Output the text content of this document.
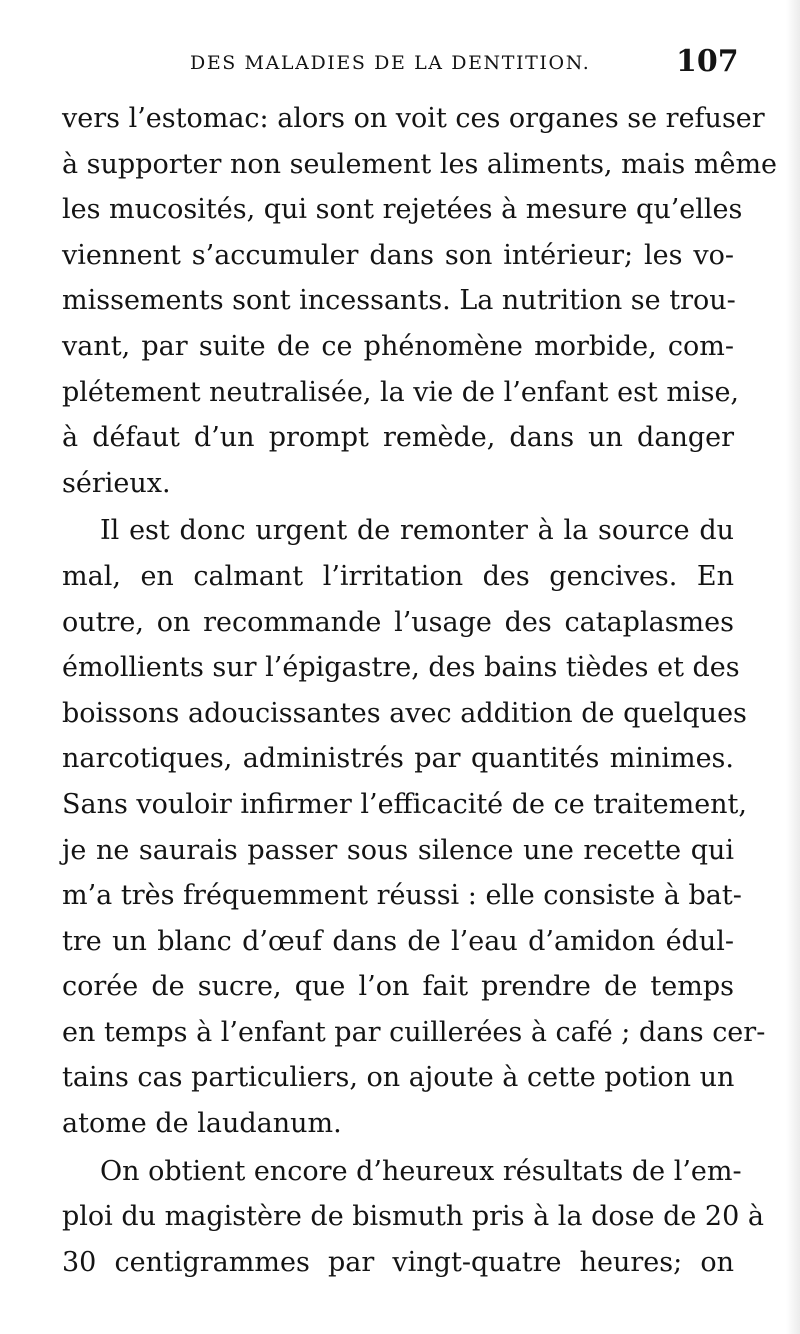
DES MALADIES DE LA DENTITION.	107
vers l’estomac: alors on voit ces organes se refuser
à supporter non seulement les aliments, mais même
les mucosités, qui sont rejetées à mesure qu’elles
viennent s’accumuler dans son intérieur; les vo-
missements sont incessants. La nutrition se trou-
vant, par suite de ce phénomène morbide, com-
plétement neutralisée, la vie de l’enfant est mise,
à défaut d’un prompt remède, dans un danger
sérieux.
Il est donc urgent de remonter à la source du
mal, en calmant l’irritation des gencives. En
outre, on recommande l’usage des cataplasmes
émollients sur l’épigastre, des bains tièdes et des
boissons adoucissantes avec addition de quelques
narcotiques, administrés par quantités minimes.
Sans vouloir infirmer l’efficacité de ce traitement,
je ne saurais passer sous silence une recette qui
m’a très fréquemment réussi : elle consiste à bat-
tre un blanc d’œuf dans de l’eau d’amidon édul-
corée de sucre, que l’on fait prendre de temps
en temps à l’enfant par cuillerées à café ; dans cer-
tains cas particuliers, on ajoute à cette potion un
atome de laudanum.
On obtient encore d’heureux résultats de l’em-
ploi du magistère de bismuth pris à la dose de 20 à
30 centigrammes par vingt-quatre heures; on
